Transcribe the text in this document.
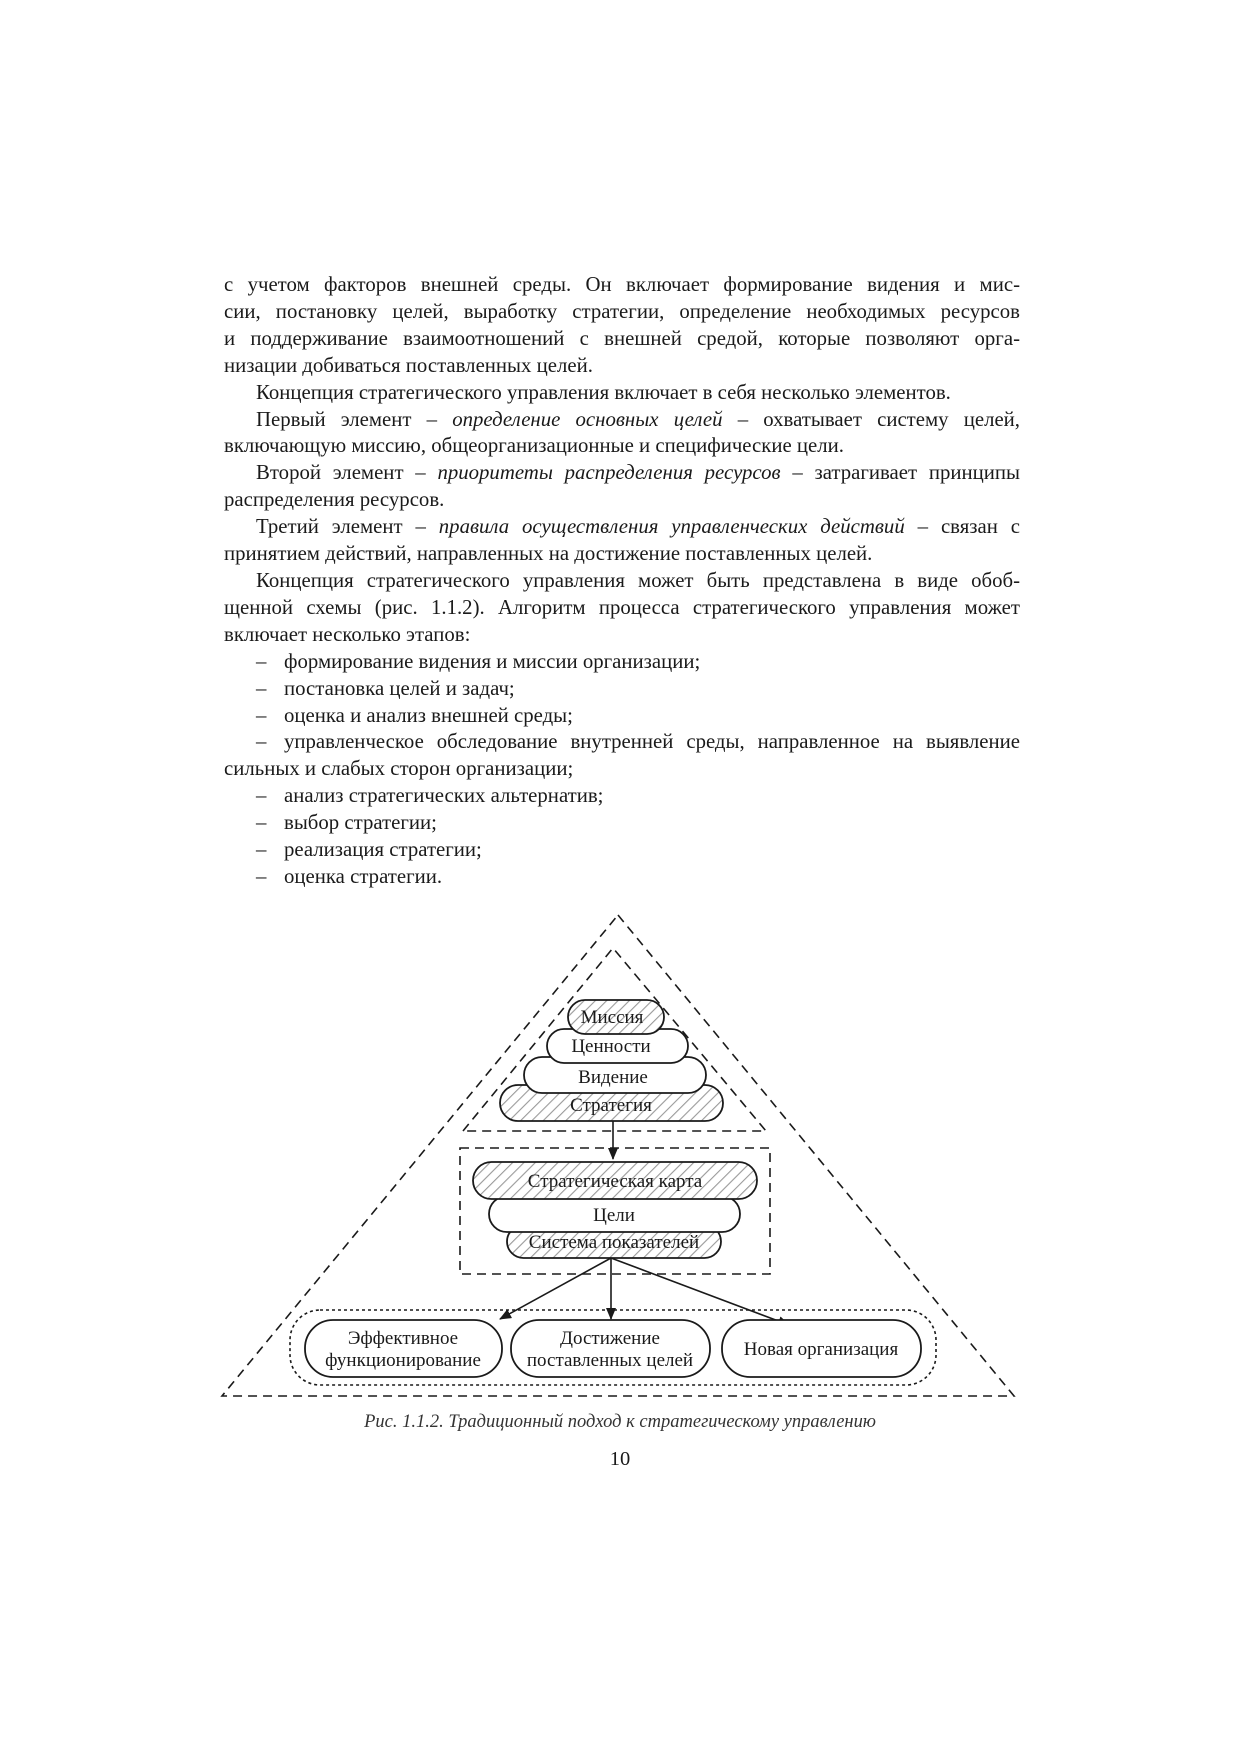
с учетом факторов внешней среды. Он включает формирование видения и мис-

сии, постановку целей, выработку стратегии, определение необходимых ресурсов

и поддерживание взаимоотношений с внешней средой, которые позволяют орга-

низации добиваться поставленных целей.

Концепция стратегического управления включает в себя несколько элементов.

Первый элемент – определение основных целей – охватывает систему целей, включающую миссию, общеорганизационные и специфические цели.

Второй элемент – приоритеты распределения ресурсов – затрагивает принципы распределения ресурсов.

Третий элемент – правила осуществления управленческих действий – связан с принятием действий, направленных на достижение поставленных целей.

Концепция стратегического управления может быть представлена в виде обоб-

щенной схемы (рис. 1.1.2). Алгоритм процесса стратегического управления может

включает несколько этапов:

– формирование видения и миссии организации;

– постановка целей и задач;

– оценка и анализ внешней среды;

– управленческое обследование внутренней среды, направленное на выявление сильных и слабых сторон организации;

– анализ стратегических альтернатив;

– выбор стратегии;

– реализация стратегии;

– оценка стратегии.

Стратегия
Видение
Ценности
Миссия
Система показателей
Цели
Стратегическая карта
Эффективное
функционирование
Достижение
поставленных целей
Новая организация
Рис. 1.1.2. Традиционный подход к стратегическому управлению
10
